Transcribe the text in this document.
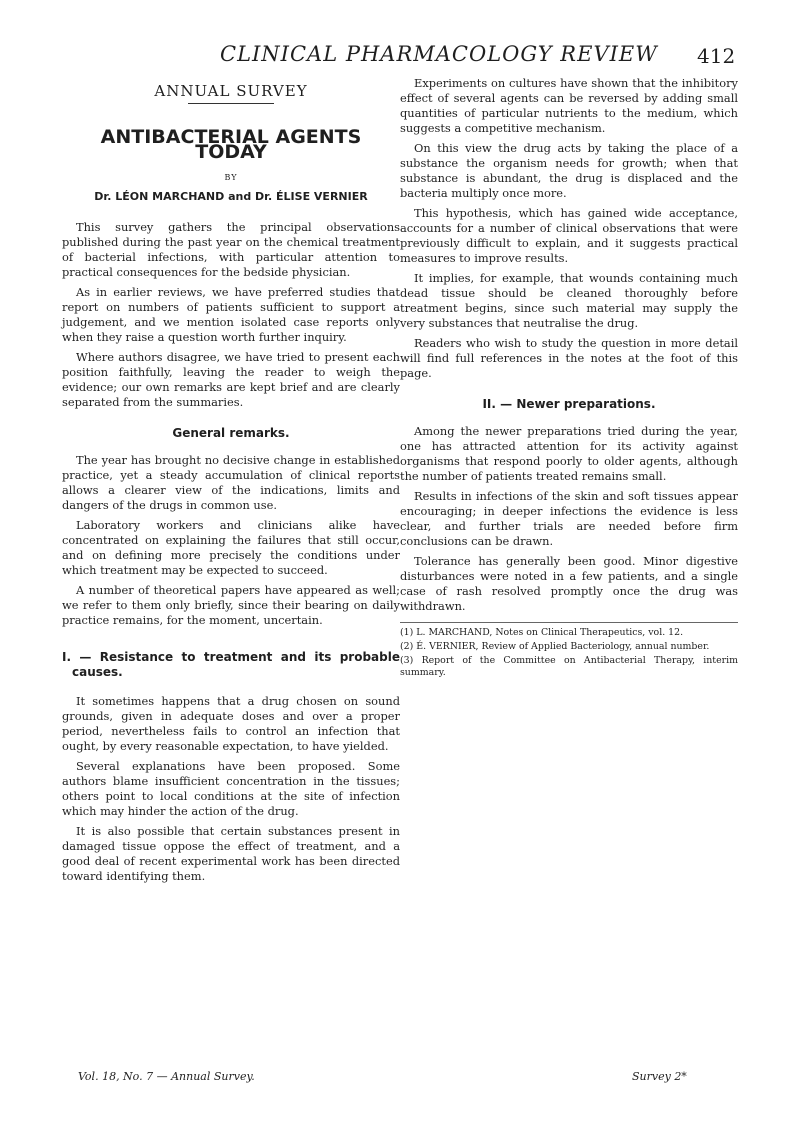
CLINICAL PHARMACOLOGY REVIEW 412
ANNUAL SURVEY
ANTIBACTERIAL AGENTS TODAY
BY
Dr. LÉON MARCHAND and Dr. ÉLISE VERNIER

This survey gathers the principal observations published during the past year on the chemical treatment of bacterial infections, with particular attention to practical consequences for the bedside physician.

As in earlier reviews, we have preferred studies that report on numbers of patients sufficient to support a judgement, and we mention isolated case reports only when they raise a question worth further inquiry.

Where authors disagree, we have tried to present each position faithfully, leaving the reader to weigh the evidence; our own remarks are kept brief and are clearly separated from the summaries.

General remarks.

The year has brought no decisive change in established practice, yet a steady accumulation of clinical reports allows a clearer view of the indications, limits and dangers of the drugs in common use.

Laboratory workers and clinicians alike have concentrated on explaining the failures that still occur, and on defining more precisely the conditions under which treatment may be expected to succeed.

A number of theoretical papers have appeared as well; we refer to them only briefly, since their bearing on daily practice remains, for the moment, uncertain.

I. — Resistance to treatment and its probable causes.

It sometimes happens that a drug chosen on sound grounds, given in adequate doses and over a proper period, nevertheless fails to control an infection that ought, by every reasonable expectation, to have yielded.

Several explanations have been proposed. Some authors blame insufficient concentration in the tissues; others point to local conditions at the site of infection which may hinder the action of the drug.

It is also possible that certain substances present in damaged tissue oppose the effect of treatment, and a good deal of recent experimental work has been directed toward identifying them.

Experiments on cultures have shown that the inhibitory effect of several agents can be reversed by adding small quantities of particular nutrients to the medium, which suggests a competitive mechanism.

On this view the drug acts by taking the place of a substance the organism needs for growth; when that substance is abundant, the drug is displaced and the bacteria multiply once more.

This hypothesis, which has gained wide acceptance, accounts for a number of clinical observations that were previously difficult to explain, and it suggests practical measures to improve results.

It implies, for example, that wounds containing much dead tissue should be cleaned thoroughly before treatment begins, since such material may supply the very substances that neutralise the drug.

Readers who wish to study the question in more detail will find full references in the notes at the foot of this page.

II. — Newer preparations.

Among the newer preparations tried during the year, one has attracted attention for its activity against organisms that respond poorly to older agents, although the number of patients treated remains small.

Results in infections of the skin and soft tissues appear encouraging; in deeper infections the evidence is less clear, and further trials are needed before firm conclusions can be drawn.

Tolerance has generally been good. Minor digestive disturbances were noted in a few patients, and a single case of rash resolved promptly once the drug was withdrawn.

(1) L. MARCHAND, Notes on Clinical Therapeutics, vol. 12.
(2) É. VERNIER, Review of Applied Bacteriology, annual number.
(3) Report of the Committee on Antibacterial Therapy, interim summary.
Vol. 18, No. 7 — Annual Survey.	Survey 2*
